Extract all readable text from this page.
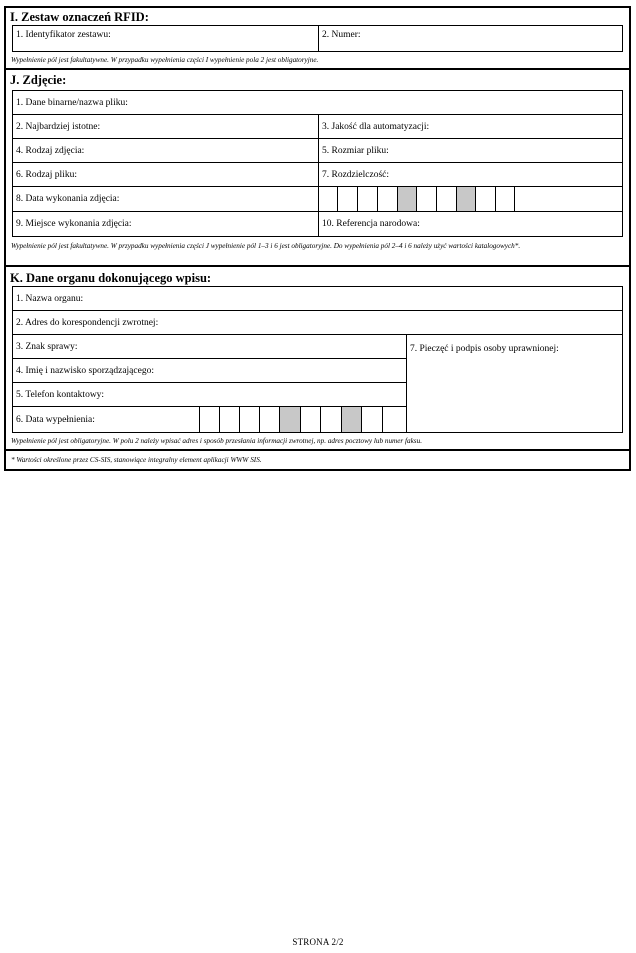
I. Zestaw oznaczeń RFID:
1. Identyfikator zestawu:	2. Numer:
Wypełnienie pól jest fakultatywne. W przypadku wypełnienia części I wypełnienie pola 2 jest obligatoryjne.
J. Zdjęcie:
1. Dane binarne/nazwa pliku:
2. Najbardziej istotne:	3. Jakość dla automatyzacji:
4. Rodzaj zdjęcia:	5. Rozmiar pliku:
6. Rodzaj pliku:	7. Rozdzielczość:
8. Data wykonania zdjęcia:
9. Miejsce wykonania zdjęcia:	10. Referencja narodowa:
Wypełnienie pól jest fakultatywne. W przypadku wypełnienia części J wypełnienie pól 1–3 i 6 jest obligatoryjne. Do wypełnienia pól 2–4 i 6 należy użyć wartości katalogowych*.
K. Dane organu dokonującego wpisu:
1. Nazwa organu:
2. Adres do korespondencji zwrotnej:
3. Znak sprawy:
4. Imię i nazwisko sporządzającego:
5. Telefon kontaktowy:
6. Data wypełnienia:
7. Pieczęć i podpis osoby uprawnionej:
Wypełnienie pól jest obligatoryjne. W polu 2 należy wpisać adres i sposób przesłania informacji zwrotnej, np. adres pocztowy lub numer faksu.
* Wartości określone przez CS-SIS, stanowiące integralny element aplikacji WWW SIS.
STRONA 2/2
